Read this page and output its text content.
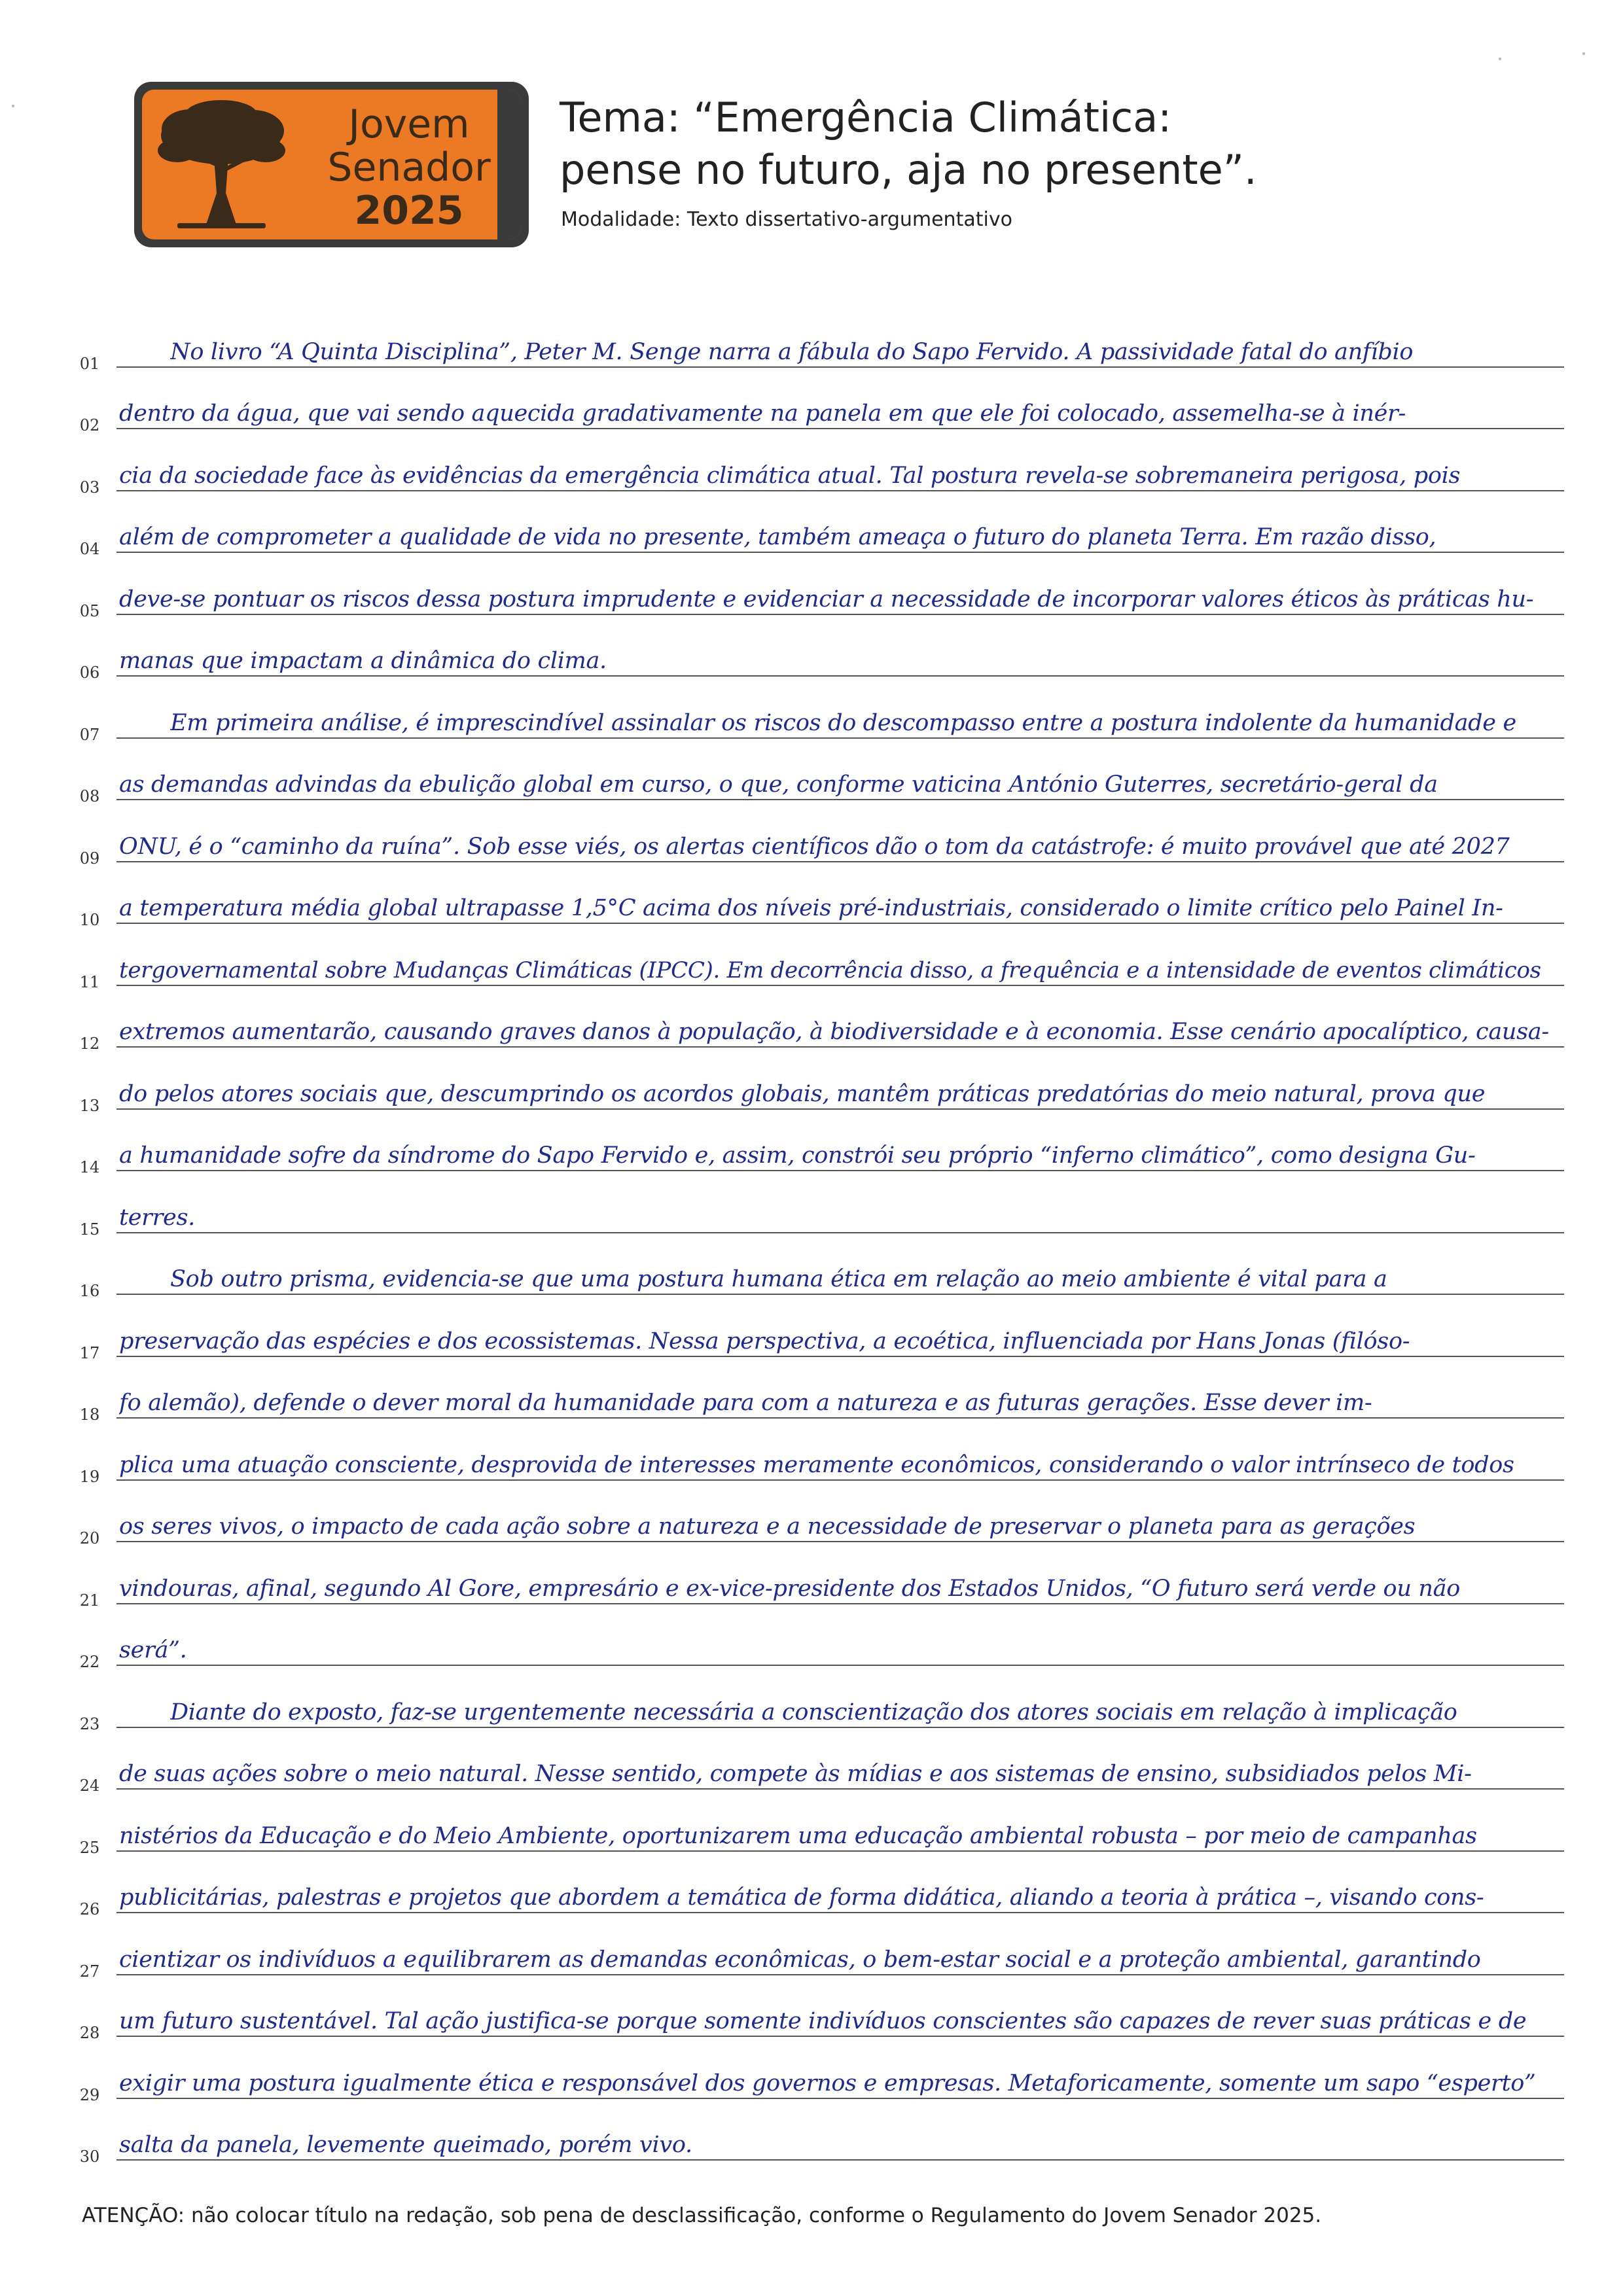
Jovem
Senador
2025
Tema: “Emergência Climática:
pense no futuro, aja no presente”.
Modalidade: Texto dissertativo-argumentativo
01	No livro “A Quinta Disciplina”, Peter M. Senge narra a fábula do Sapo Fervido. A passividade fatal do anfíbio
02 dentro da água, que vai sendo aquecida gradativamente na panela em que ele foi colocado, assemelha-se à inér-
03 cia da sociedade face às evidências da emergência climática atual. Tal postura revela-se sobremaneira perigosa, pois
04 além de comprometer a qualidade de vida no presente, também ameaça o futuro do planeta Terra. Em razão disso,
05 deve-se pontuar os riscos dessa postura imprudente e evidenciar a necessidade de incorporar valores éticos às práticas hu-
06 manas que impactam a dinâmica do clima.
07	Em primeira análise, é imprescindível assinalar os riscos do descompasso entre a postura indolente da humanidade e
08 as demandas advindas da ebulição global em curso, o que, conforme vaticina António Guterres, secretário-geral da
09 ONU, é o “caminho da ruína”. Sob esse viés, os alertas científicos dão o tom da catástrofe: é muito provável que até 2027
10 a temperatura média global ultrapasse 1,5°C acima dos níveis pré-industriais, considerado o limite crítico pelo Painel In-
11 tergovernamental sobre Mudanças Climáticas (IPCC). Em decorrência disso, a frequência e a intensidade de eventos climáticos
12 extremos aumentarão, causando graves danos à população, à biodiversidade e à economia. Esse cenário apocalíptico, causa-
13 do pelos atores sociais que, descumprindo os acordos globais, mantêm práticas predatórias do meio natural, prova que
14 a humanidade sofre da síndrome do Sapo Fervido e, assim, constrói seu próprio “inferno climático”, como designa Gu-
15 terres.
16	Sob outro prisma, evidencia-se que uma postura humana ética em relação ao meio ambiente é vital para a
17 preservação das espécies e dos ecossistemas. Nessa perspectiva, a ecoética, influenciada por Hans Jonas (filóso-
18 fo alemão), defende o dever moral da humanidade para com a natureza e as futuras gerações. Esse dever im-
19 plica uma atuação consciente, desprovida de interesses meramente econômicos, considerando o valor intrínseco de todos
20 os seres vivos, o impacto de cada ação sobre a natureza e a necessidade de preservar o planeta para as gerações
21 vindouras, afinal, segundo Al Gore, empresário e ex-vice-presidente dos Estados Unidos, “O futuro será verde ou não
22 será”.
23	Diante do exposto, faz-se urgentemente necessária a conscientização dos atores sociais em relação à implicação
24 de suas ações sobre o meio natural. Nesse sentido, compete às mídias e aos sistemas de ensino, subsidiados pelos Mi-
25 nistérios da Educação e do Meio Ambiente, oportunizarem uma educação ambiental robusta – por meio de campanhas
26 publicitárias, palestras e projetos que abordem a temática de forma didática, aliando a teoria à prática –, visando cons-
27 cientizar os indivíduos a equilibrarem as demandas econômicas, o bem-estar social e a proteção ambiental, garantindo
28 um futuro sustentável. Tal ação justifica-se porque somente indivíduos conscientes são capazes de rever suas práticas e de
29 exigir uma postura igualmente ética e responsável dos governos e empresas. Metaforicamente, somente um sapo “esperto”
30 salta da panela, levemente queimado, porém vivo.
ATENÇÃO: não colocar título na redação, sob pena de desclassificação, conforme o Regulamento do Jovem Senador 2025.
